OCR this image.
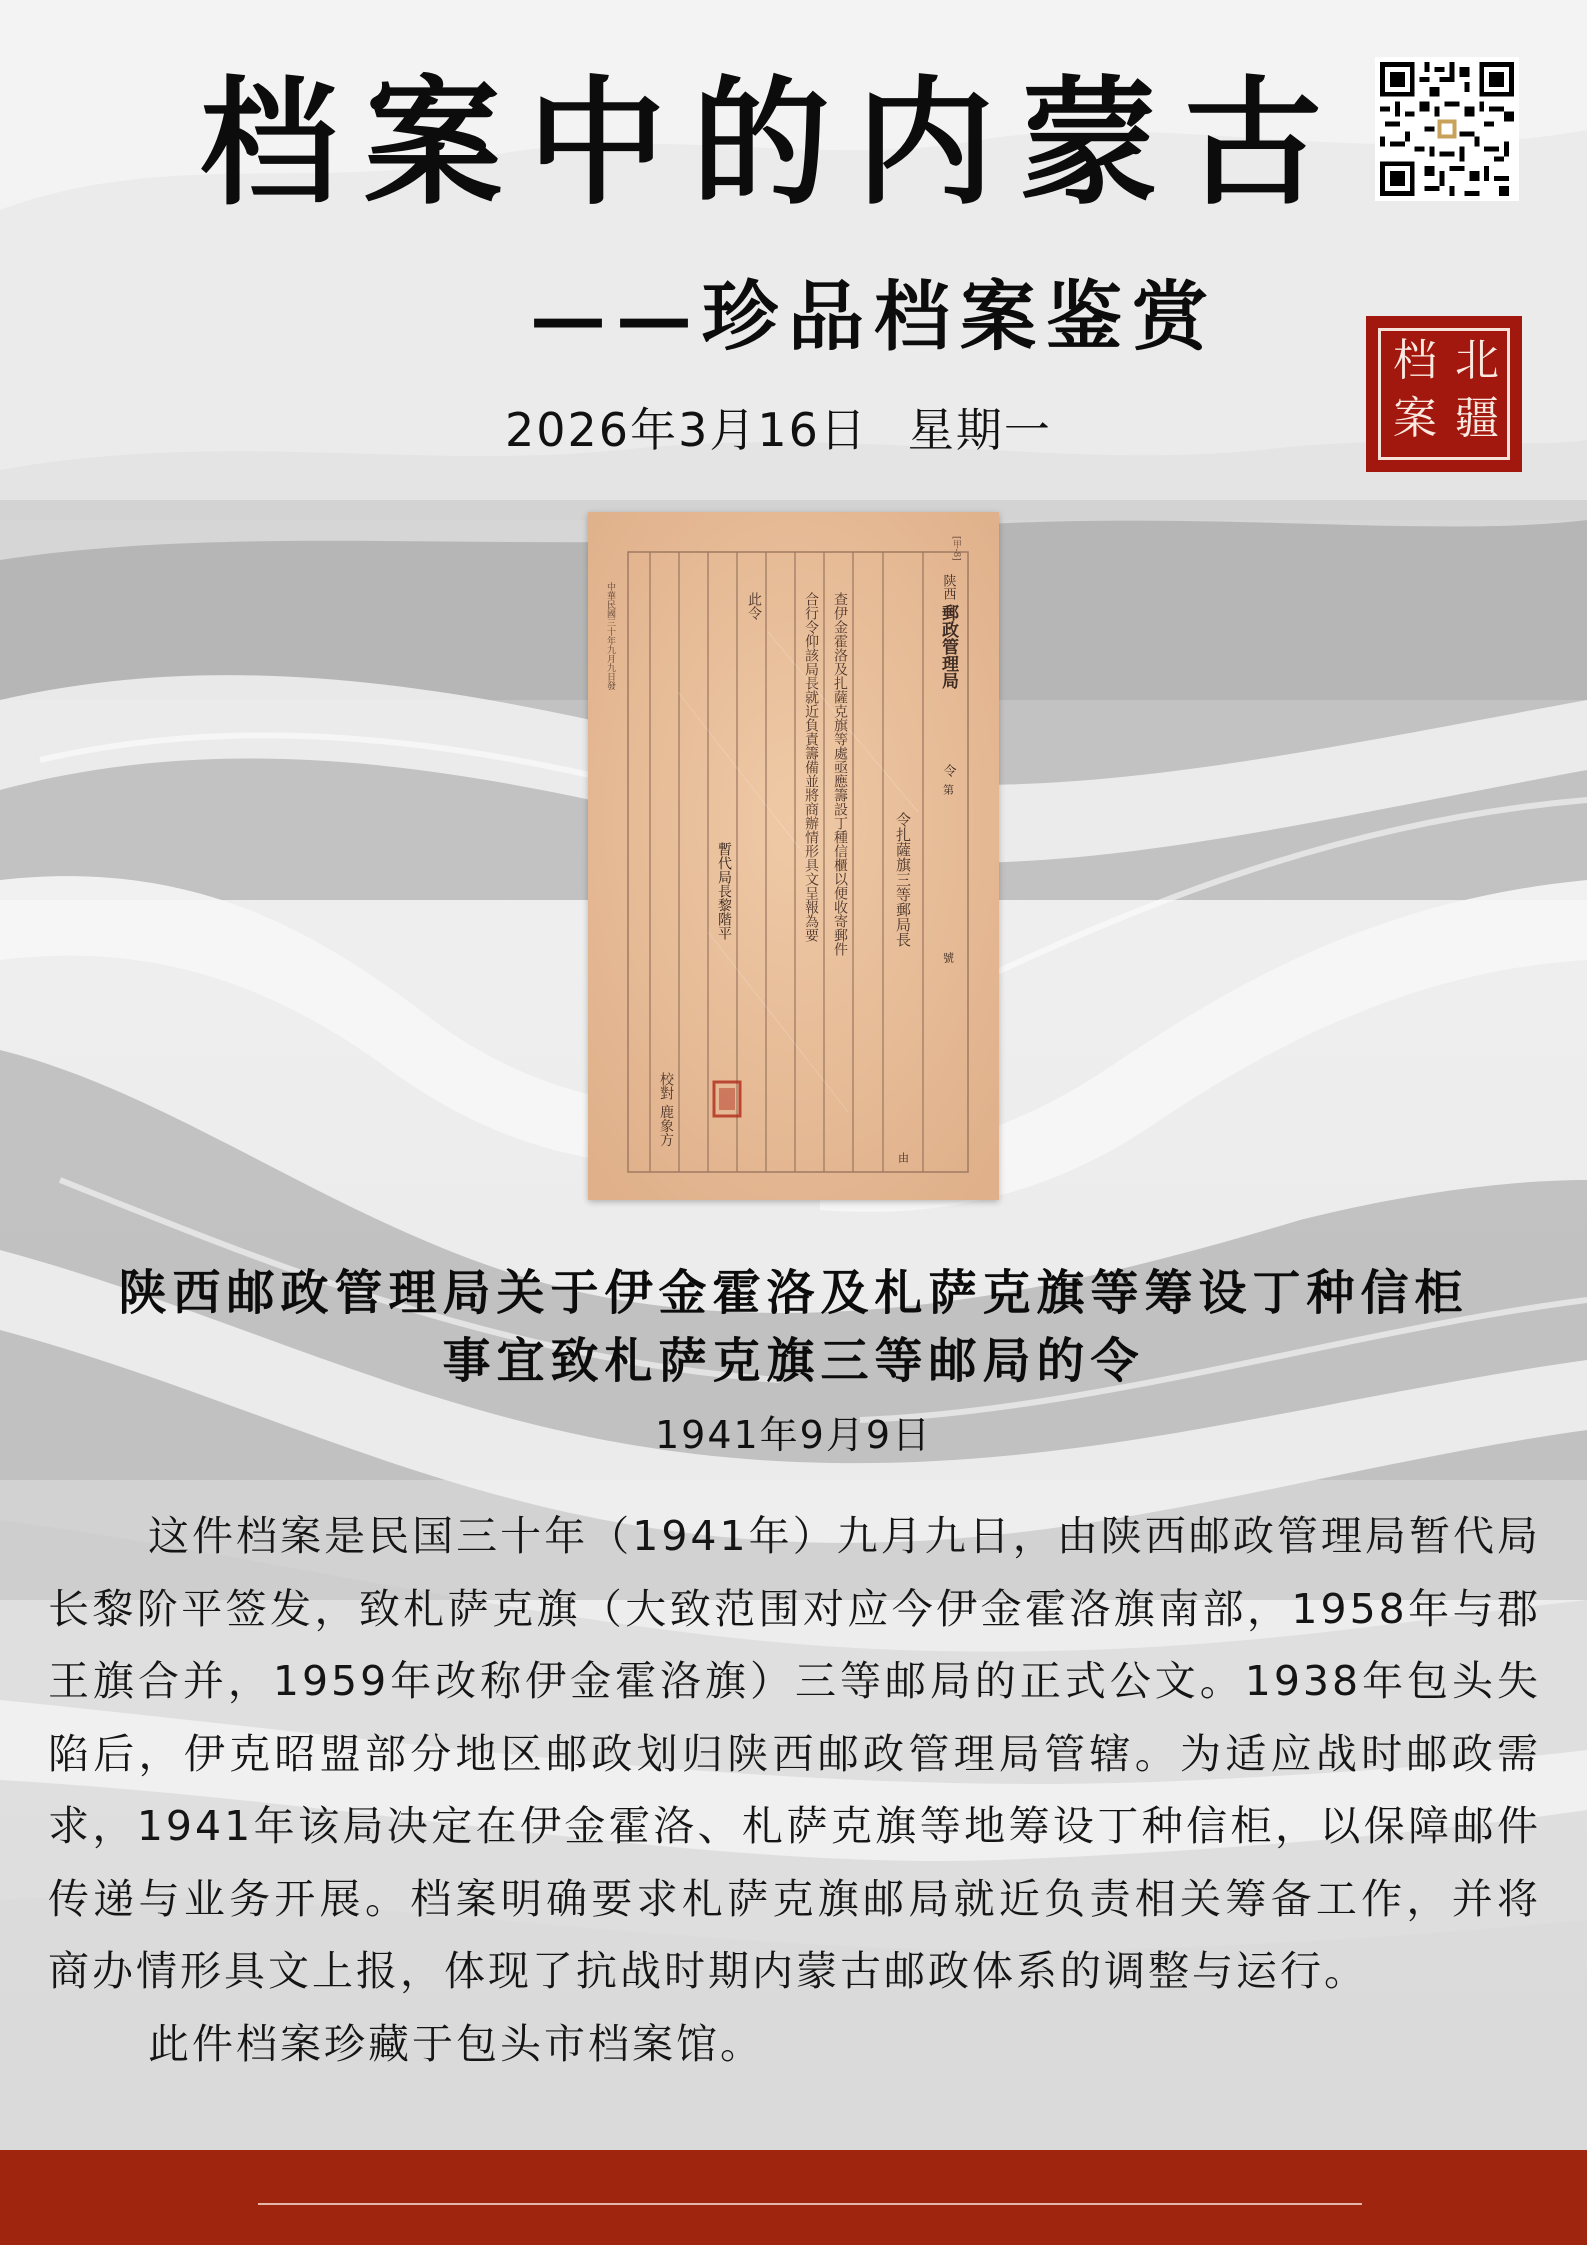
档案中的内蒙古
——珍品档案鉴赏
2026年3月16日 星期一
北
疆
档
案
[甲-8]
陕西
郵政管理局
令
第
號
令扎薩旗三等郵局長
查伊金霍洛及扎薩克旗等處亟應籌設丁種信櫃以便收寄郵件
合行令仰該局長就近負責籌備並將商辦情形具文呈報為要
此令
暫代局長黎階平
中華民國三十年九月九日發
校對 鹿象方
由
陕西邮政管理局关于伊金霍洛及札萨克旗等筹设丁种信柜
事宜致札萨克旗三等邮局的令
1941年9月9日

这件档案是民国三十年（1941年）九月九日，由陕西邮政管理局暂代局长黎阶平签发，致札萨克旗（大致范围对应今伊金霍洛旗南部，1958年与郡王旗合并，1959年改称伊金霍洛旗）三等邮局的正式公文。1938年包头失陷后，伊克昭盟部分地区邮政划归陕西邮政管理局管辖。为适应战时邮政需求，1941年该局决定在伊金霍洛、札萨克旗等地筹设丁种信柜，以保障邮件传递与业务开展。档案明确要求札萨克旗邮局就近负责相关筹备工作，并将商办情形具文上报，体现了抗战时期内蒙古邮政体系的调整与运行。

此件档案珍藏于包头市档案馆。
